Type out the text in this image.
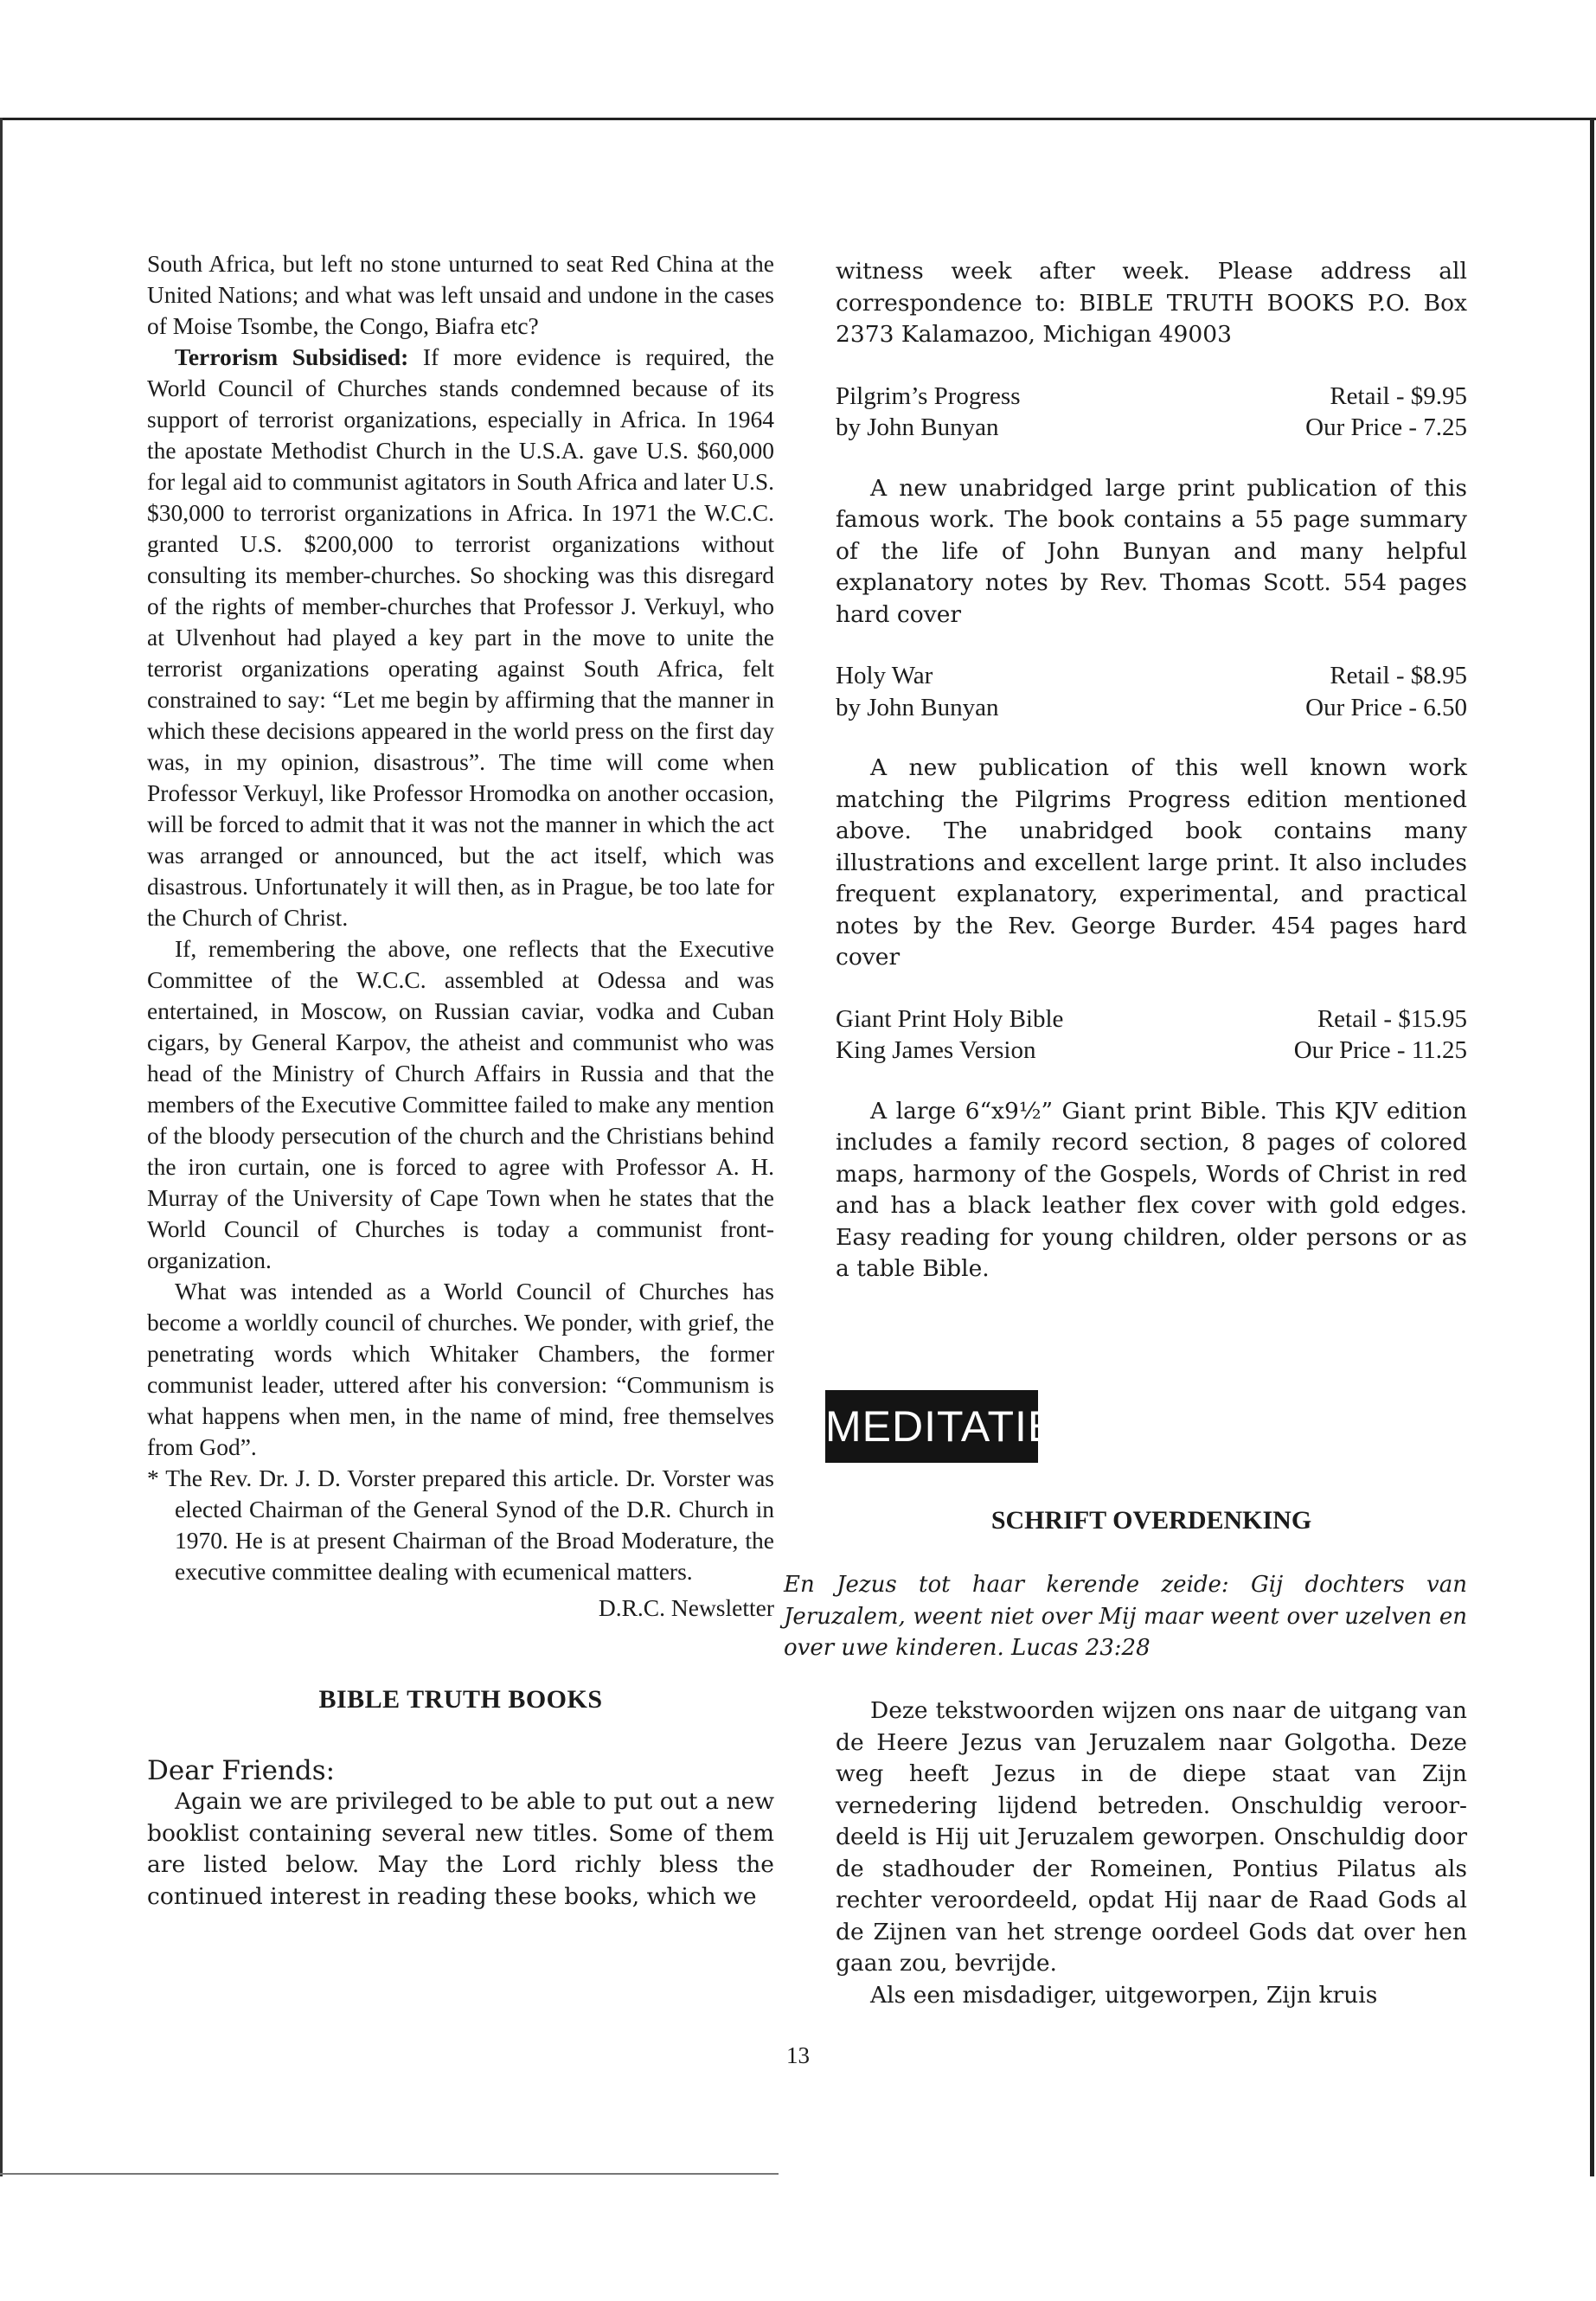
South Africa, but left no stone unturned to seat Red China at the United Nations; and what was left unsaid and undone in the cases of Moise Tsombe, the Congo, Biafra etc?

Terrorism Subsidised: If more evidence is required, the World Council of Churches stands condemned because of its support of terrorist organizations, especially in Africa. In 1964 the apostate Methodist Church in the U.S.A. gave U.S. $60,000 for legal aid to communist agitators in South Africa and later U.S. $30,000 to terrorist organizations in Africa. In 1971 the W.C.C. granted U.S. $200,000 to terrorist organizations without consulting its member-churches. So shocking was this disregard of the rights of member-churches that Professor J. Verkuyl, who at Ulvenhout had played a key part in the move to unite the terrorist organizations operating against South Africa, felt constrained to say: “Let me begin by affirming that the manner in which these decisions appeared in the world press on the first day was, in my opinion, disastrous”. The time will come when Professor Verkuyl, like Professor Hromodka on another occasion, will be forced to admit that it was not the manner in which the act was arranged or announced, but the act itself, which was disastrous. Unfortunately it will then, as in Prague, be too late for the Church of Christ.

If, remembering the above, one reflects that the Executive Committee of the W.C.C. assembled at Odessa and was entertained, in Moscow, on Russian caviar, vodka and Cuban cigars, by General Karpov, the atheist and communist who was head of the Ministry of Church Affairs in Russia and that the members of the Executive Committee failed to make any mention of the bloody persecution of the church and the Christians behind the iron curtain, one is forced to agree with Professor A. H. Murray of the University of Cape Town when he states that the World Council of Churches is today a communist front-organization.

What was intended as a World Council of Churches has become a worldly council of churches. We ponder, with grief, the penetrating words which Whitaker Chambers, the former communist leader, uttered after his conversion: “Communism is what happens when men, in the name of mind, free themselves from God”.

* The Rev. Dr. J. D. Vorster prepared this article. Dr. Vorster was elected Chairman of the General Synod of the D.R. Church in 1970. He is at present Chairman of the Broad Moderature, the executive committee dealing with ecumenical matters.

D.R.C. Newsletter

BIBLE TRUTH BOOKS

Dear Friends:

Again we are privileged to be able to put out a new booklist containing several new titles. Some of them are listed below. May the Lord richly bless the continued interest in reading these books, which we

witness week after week. Please address all correspondence to: BIBLE TRUTH BOOKS P.O. Box 2373 Kalamazoo, Michigan 49003

Pilgrim’s Progress
by John Bunyan
Retail - $9.95
Our Price - 7.25

A new unabridged large print publication of this famous work. The book contains a 55 page summary of the life of John Bunyan and many helpful explanatory notes by Rev. Thomas Scott. 554 pages hard cover

Holy War
by John Bunyan
Retail - $8.95
Our Price - 6.50

A new publication of this well known work matching the Pilgrims Progress edition mentioned above. The unabridged book contains many illustrations and excellent large print. It also includes frequent explanatory, experimental, and practical notes by the Rev. George Burder. 454 pages hard cover

Giant Print Holy Bible
King James Version
Retail - $15.95
Our Price - 11.25

A large 6“x9½” Giant print Bible. This KJV edition includes a family record section, 8 pages of colored maps, harmony of the Gospels, Words of Christ in red and has a black leather flex cover with gold edges. Easy reading for young children, older persons or as a table Bible.

MEDITATIE
SCHRIFT OVERDENKING
En Jezus tot haar kerende zeide: Gij dochters van Jeruzalem, weent niet over Mij maar weent over uzelven en over uwe kinderen. Lucas 23:28

Deze tekstwoorden wijzen ons naar de uitgang van de Heere Jezus van Jeruzalem naar Golgotha. Deze weg heeft Jezus in de diepe staat van Zijn vernedering lijdend betreden. Onschuldig veroor-deeld is Hij uit Jeruzalem geworpen. Onschuldig door de stadhouder der Romeinen, Pontius Pilatus als rechter veroordeeld, opdat Hij naar de Raad Gods al de Zijnen van het strenge oordeel Gods dat over hen gaan zou, bevrijde.

Als een misdadiger, uitgeworpen, Zijn kruis

13
